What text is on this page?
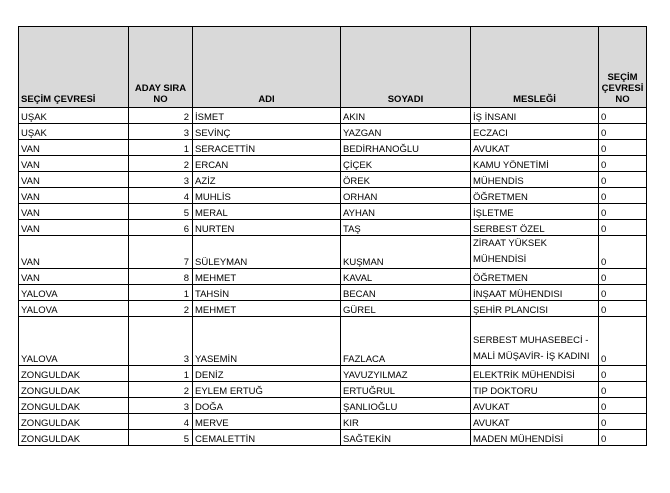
SEÇİM ÇEVRESİ	ADAY SIRA NO	ADI	SOYADI	MESLEĞİ	SEÇİM ÇEVRESİ NO
UŞAK	2	İSMET	AKIN	İŞ İNSANI	0
UŞAK	3	SEVİNÇ	YAZGAN	ECZACI	0
VAN	1	SERACETTİN	BEDİRHANOĞLU	AVUKAT	0
VAN	2	ERCAN	ÇİÇEK	KAMU YÖNETİMİ	0
VAN	3	AZİZ	ÖREK	MÜHENDİS	0
VAN	4	MUHLİS	ORHAN	ÖĞRETMEN	0
VAN	5	MERAL	AYHAN	İŞLETME	0
VAN	6	NURTEN	TAŞ	SERBEST ÖZEL	0
VAN	7	SÜLEYMAN	KUŞMAN	ZİRAAT YÜKSEK MÜHENDİSİ	0
VAN	8	MEHMET	KAVAL	ÖĞRETMEN	0
YALOVA	1	TAHSİN	BECAN	İNŞAAT MÜHENDISI	0
YALOVA	2	MEHMET	GÜREL	ŞEHİR PLANCISI	0
YALOVA	3	YASEMİN	FAZLACA	SERBEST MUHASEBECİ - MALİ MÜŞAVİR- İŞ KADINI	0
ZONGULDAK	1	DENİZ	YAVUZYILMAZ	ELEKTRİK MÜHENDİSİ	0
ZONGULDAK	2	EYLEM ERTUĞ	ERTUĞRUL	TIP DOKTORU	0
ZONGULDAK	3	DOĞA	ŞANLIOĞLU	AVUKAT	0
ZONGULDAK	4	MERVE	KIR	AVUKAT	0
ZONGULDAK	5	CEMALETTİN	SAĞTEKİN	MADEN MÜHENDİSİ	0
